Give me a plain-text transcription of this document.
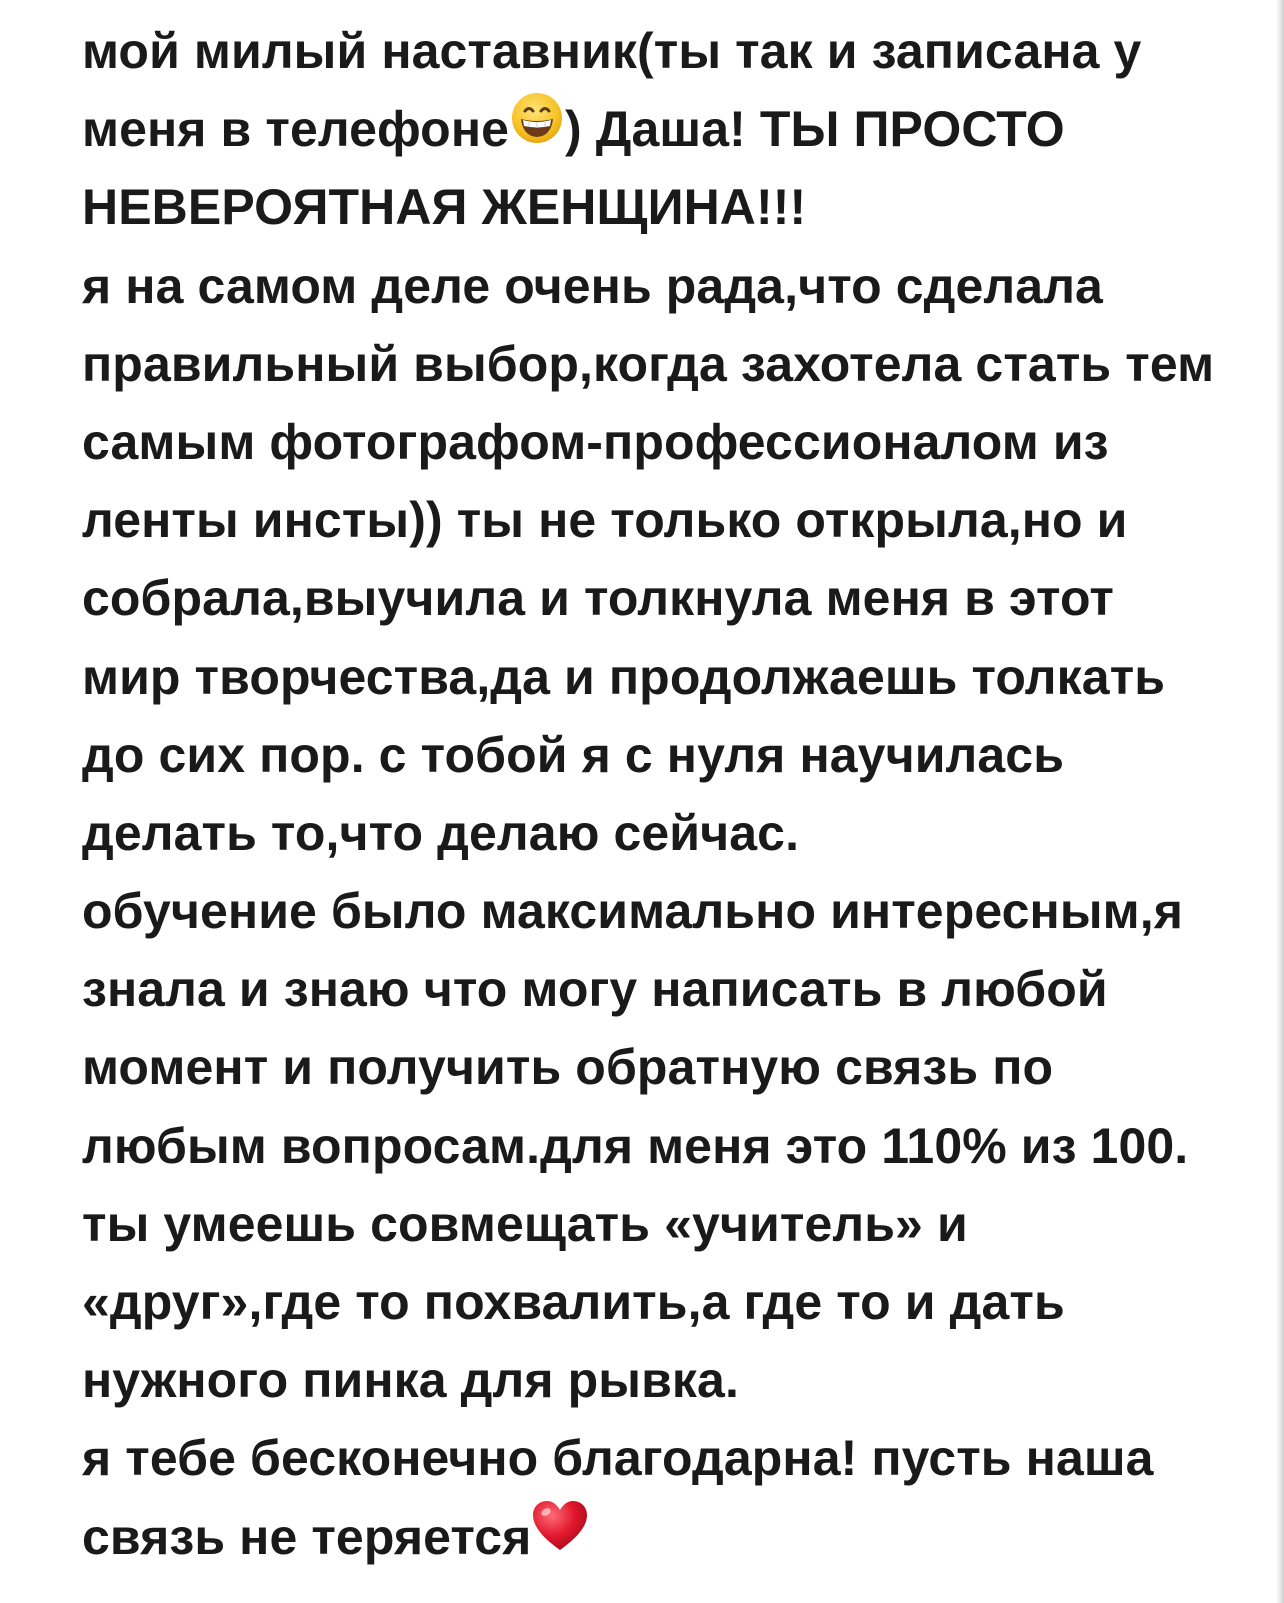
мой милый наставник(ты так и записана у
меня в телефоне ) Даша! ТЫ ПРОСТО
НЕВЕРОЯТНАЯ ЖЕНЩИНА!!!
я на самом деле очень рада,что сделала
правильный выбор,когда захотела стать тем
самым фотографом-профессионалом из
ленты инсты)) ты не только открыла,но и
собрала,выучила и толкнула меня в этот
мир творчества,да и продолжаешь толкать
до сих пор. с тобой я с нуля научилась
делать то,что делаю сейчас.
обучение было максимально интересным,я
знала и знаю что могу написать в любой
момент и получить обратную связь по
любым вопросам.для меня это 110% из 100.
ты умеешь совмещать «учитель» и
«друг»,где то похвалить,а где то и дать
нужного пинка для рывка.
я тебе бесконечно благодарна! пусть наша
связь не теряется
